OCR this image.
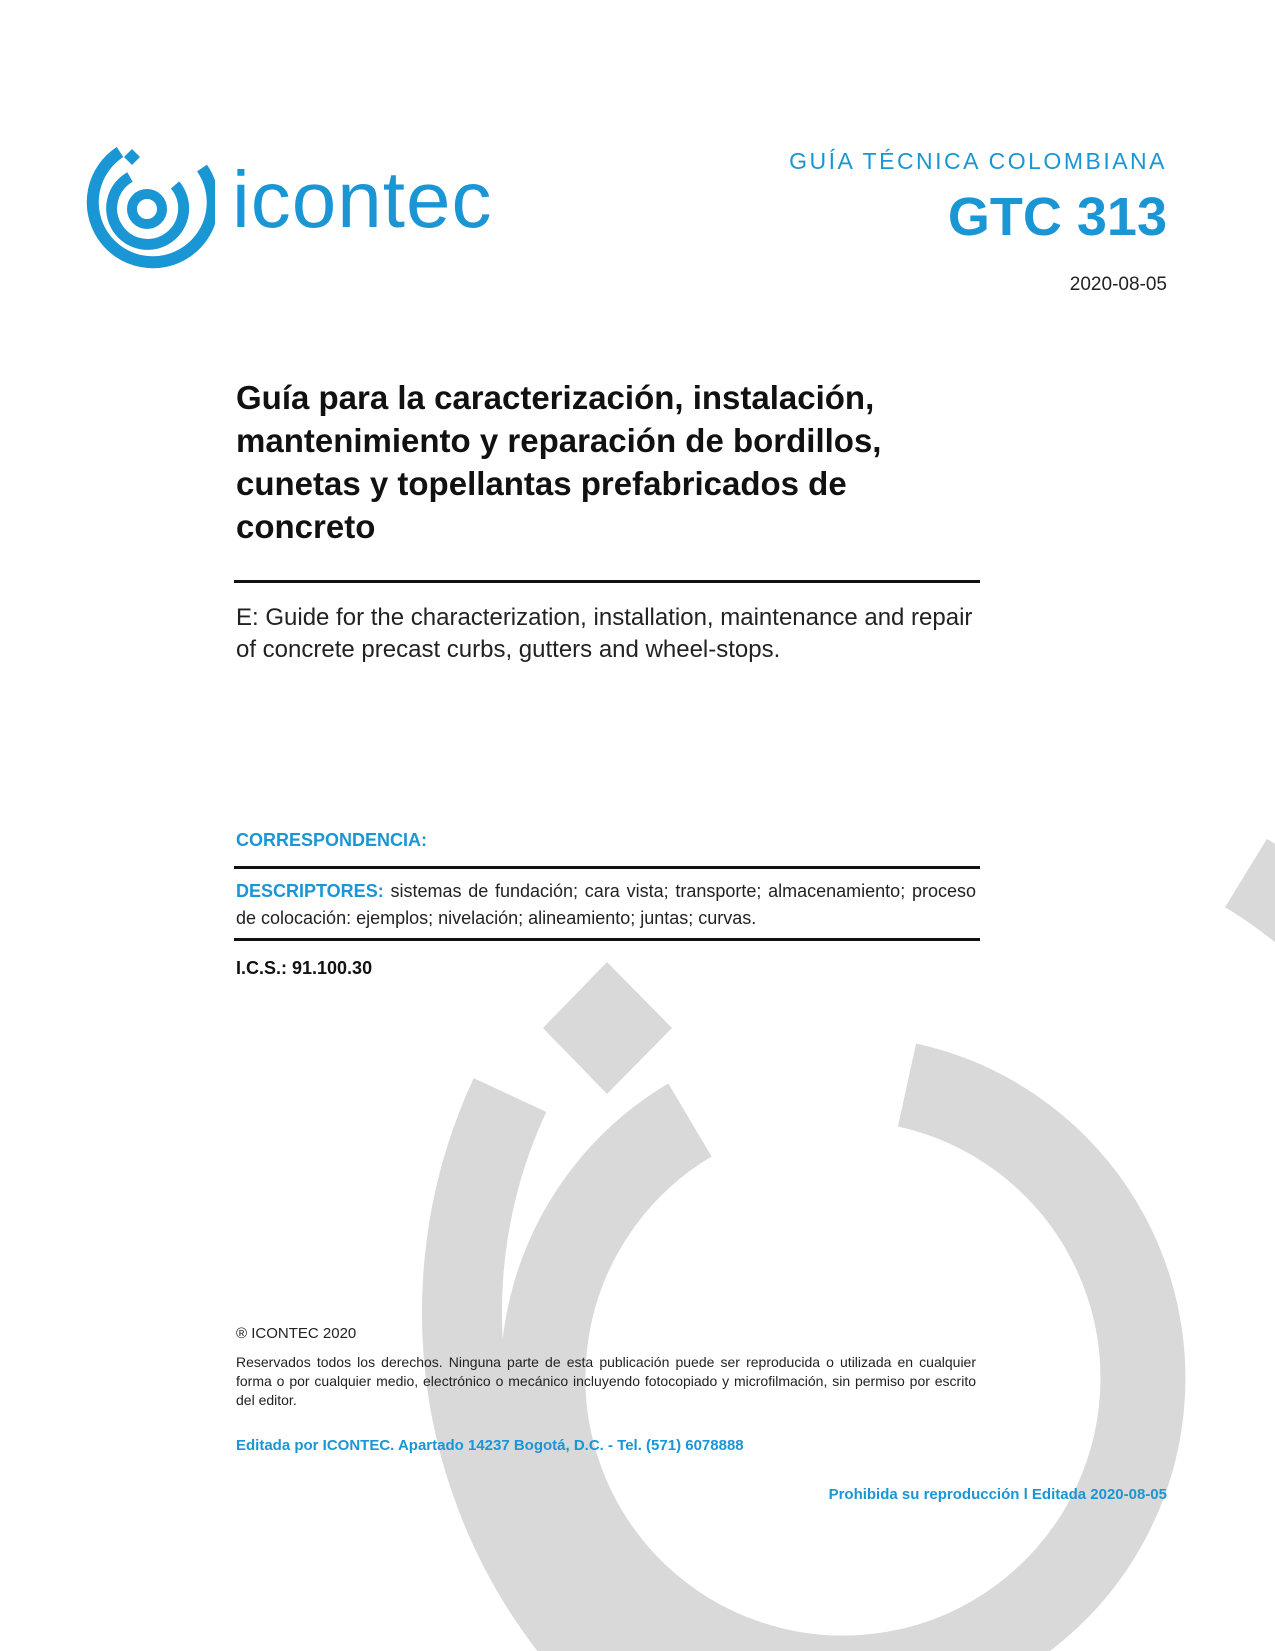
icontec	GUÍA TÉCNICA COLOMBIANA
GTC 313
2020-08-05
Guía para la caracterización, instalación, mantenimiento y reparación de bordillos, cunetas y topellantas prefabricados de concreto
E: Guide for the characterization, installation, maintenance and repair of concrete precast curbs, gutters and wheel-stops.
CORRESPONDENCIA:
DESCRIPTORES: sistemas de fundación; cara vista; transporte; almacenamiento; proceso de colocación: ejemplos; nivelación; alineamiento; juntas; curvas.
I.C.S.: 91.100.30
® ICONTEC 2020
Reservados todos los derechos. Ninguna parte de esta publicación puede ser reproducida o utilizada en cualquier forma o por cualquier medio, electrónico o mecánico incluyendo fotocopiado y microfilmación, sin permiso por escrito del editor.
Editada por ICONTEC. Apartado 14237 Bogotá, D.C. - Tel. (571) 6078888
Prohibida su reproducción l Editada 2020-08-05
